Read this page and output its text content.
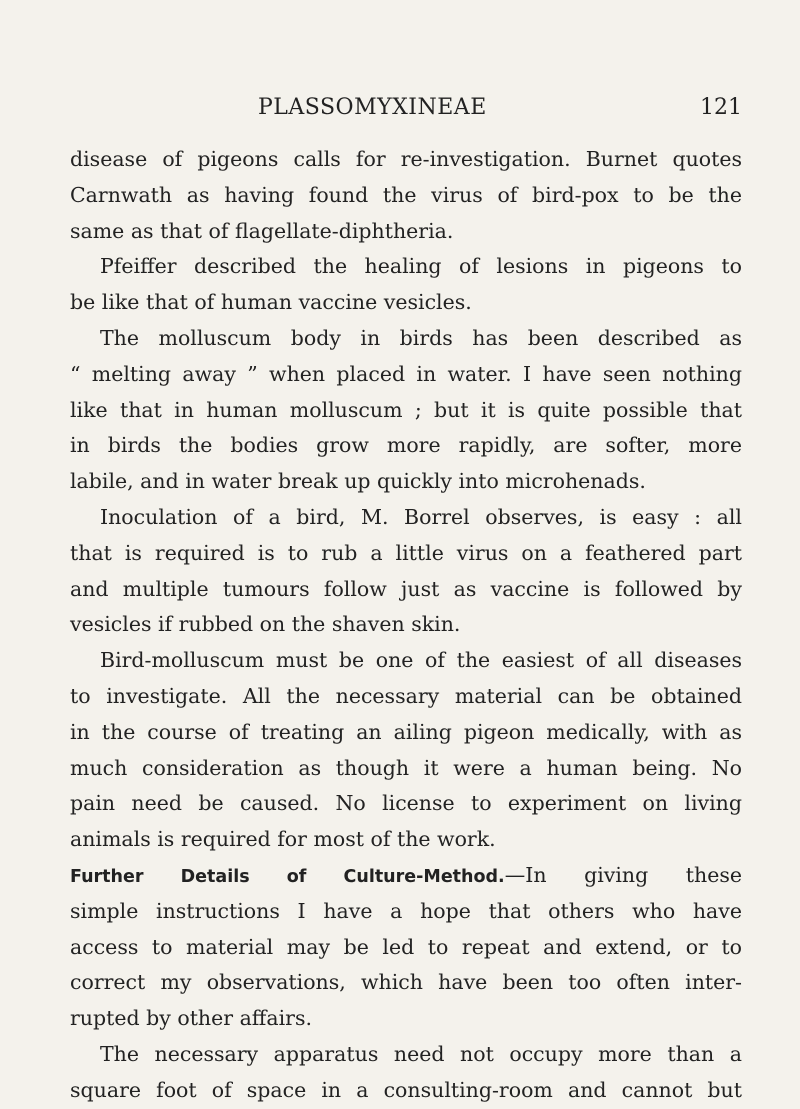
PLASSOMYXINEAE	121
disease of pigeons calls for re-investigation. Burnet quotes
Carnwath as having found the virus of bird-pox to be the
same as that of flagellate-diphtheria.
Pfeiffer described the healing of lesions in pigeons to
be like that of human vaccine vesicles.
The molluscum body in birds has been described as
“ melting away ” when placed in water. I have seen nothing
like that in human molluscum ; but it is quite possible that
in birds the bodies grow more rapidly, are softer, more
labile, and in water break up quickly into microhenads.
Inoculation of a bird, M. Borrel observes, is easy : all
that is required is to rub a little virus on a feathered part
and multiple tumours follow just as vaccine is followed by
vesicles if rubbed on the shaven skin.
Bird-molluscum must be one of the easiest of all diseases
to investigate. All the necessary material can be obtained
in the course of treating an ailing pigeon medically, with as
much consideration as though it were a human being. No
pain need be caused. No license to experiment on living
animals is required for most of the work.
Further Details of Culture-Method.—In giving these
simple instructions I have a hope that others who have
access to material may be led to repeat and extend, or to
correct my observations, which have been too often inter-
rupted by other affairs.
The necessary apparatus need not occupy more than a
square foot of space in a consulting-room and cannot but
